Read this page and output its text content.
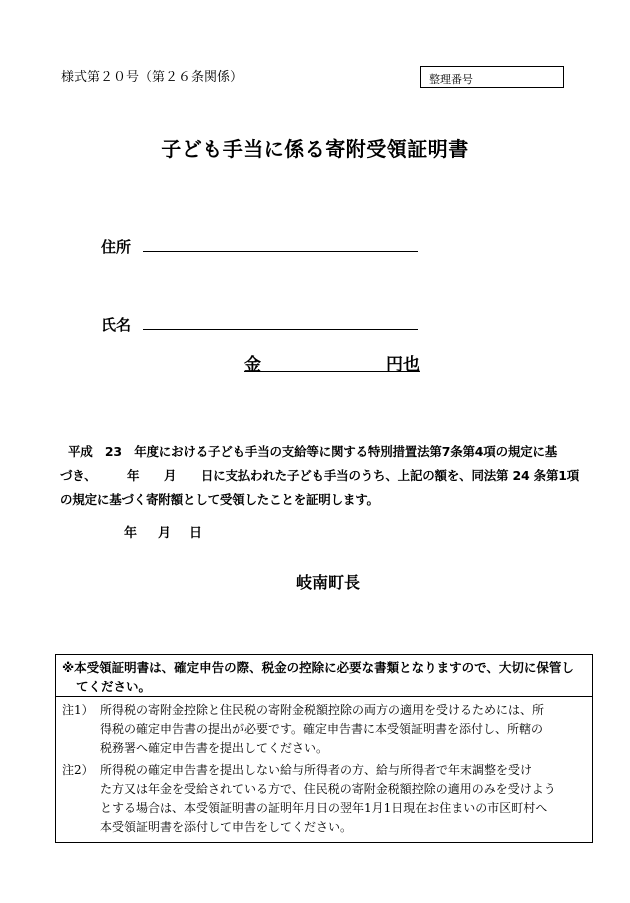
様式第２０号（第２６条関係）	整理番号
子ども手当に係る寄附受領証明書
住所
氏名
金	円也
平成　23　年度における子ども手当の支給等に関する特別措置法第7条第4項の規定に基
づき、　　　年　　月　　日に支払われた子ども手当のうち、上記の額を、同法第 24 条第1項
の規定に基づく寄附額として受領したことを証明します。
年 月 日
岐南町長
※本受領証明書は、確定申告の際、税金の控除に必要な書類となりますので、大切に保管し
てください。
注1） 所得税の寄附金控除と住民税の寄附金税額控除の両方の適用を受けるためには、所
得税の確定申告書の提出が必要です。確定申告書に本受領証明書を添付し、所轄の
税務署へ確定申告書を提出してください。
注2） 所得税の確定申告書を提出しない給与所得者の方、給与所得者で年末調整を受け
た方又は年金を受給されている方で、住民税の寄附金税額控除の適用のみを受けよう
とする場合は、本受領証明書の証明年月日の翌年1月1日現在お住まいの市区町村へ
本受領証明書を添付して申告をしてください。
